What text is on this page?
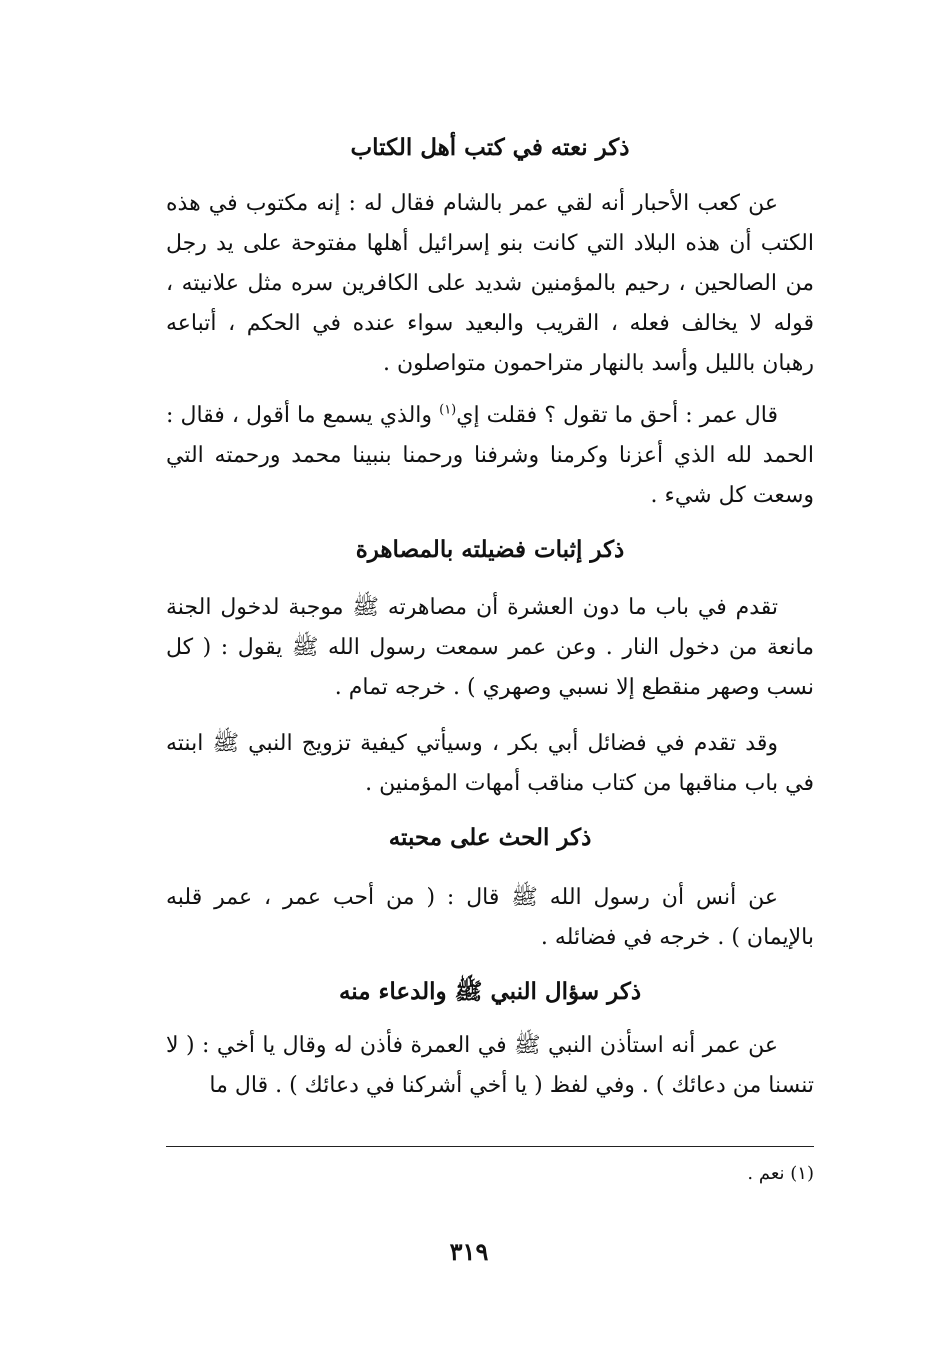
ذكر نعته في كتب أهل الكتاب

عن كعب الأحبار أنه لقي عمر بالشام فقال له : إنه مكتوب في هذه الكتب أن هذه البلاد التي كانت بنو إسرائيل أهلها مفتوحة على يد رجل من الصالحين ، رحيم بالمؤمنين شديد على الكافرين سره مثل علانيته ، قوله لا يخالف فعله ، القريب والبعيد سواء عنده في الحكم ، أتباعه رهبان بالليل وأسد بالنهار متراحمون متواصلون .

قال عمر : أحق ما تقول ؟ فقلت إي$^{(١)}$ والذي يسمع ما أقول ، فقال : الحمد لله الذي أعزنا وكرمنا وشرفنا ورحمنا بنبينا محمد ورحمته التي وسعت كل شيء .

ذكر إثبات فضيلته بالمصاهرة

تقدم في باب ما دون العشرة أن مصاهرته ﷺ موجبة لدخول الجنة مانعة من دخول النار . وعن عمر سمعت رسول الله ﷺ يقول : ( كل نسب وصهر منقطع إلا نسبي وصهري ) . خرجه تمام .

وقد تقدم في فضائل أبي بكر ، وسيأتي كيفية تزويج النبي ﷺ ابنته في باب مناقبها من كتاب مناقب أمهات المؤمنين .

ذكر الحث على محبته

عن أنس أن رسول الله ﷺ قال : ( من أحب عمر ، عمر قلبه بالإيمان ) . خرجه في فضائله .

ذكر سؤال النبي ﷺ والدعاء منه

عن عمر أنه استأذن النبي ﷺ في العمرة فأذن له وقال يا أخي : ( لا تنسنا من دعائك ) . وفي لفظ ( يا أخي أشركنا في دعائك ) . قال ما

(١) نعم .

٣١٩
